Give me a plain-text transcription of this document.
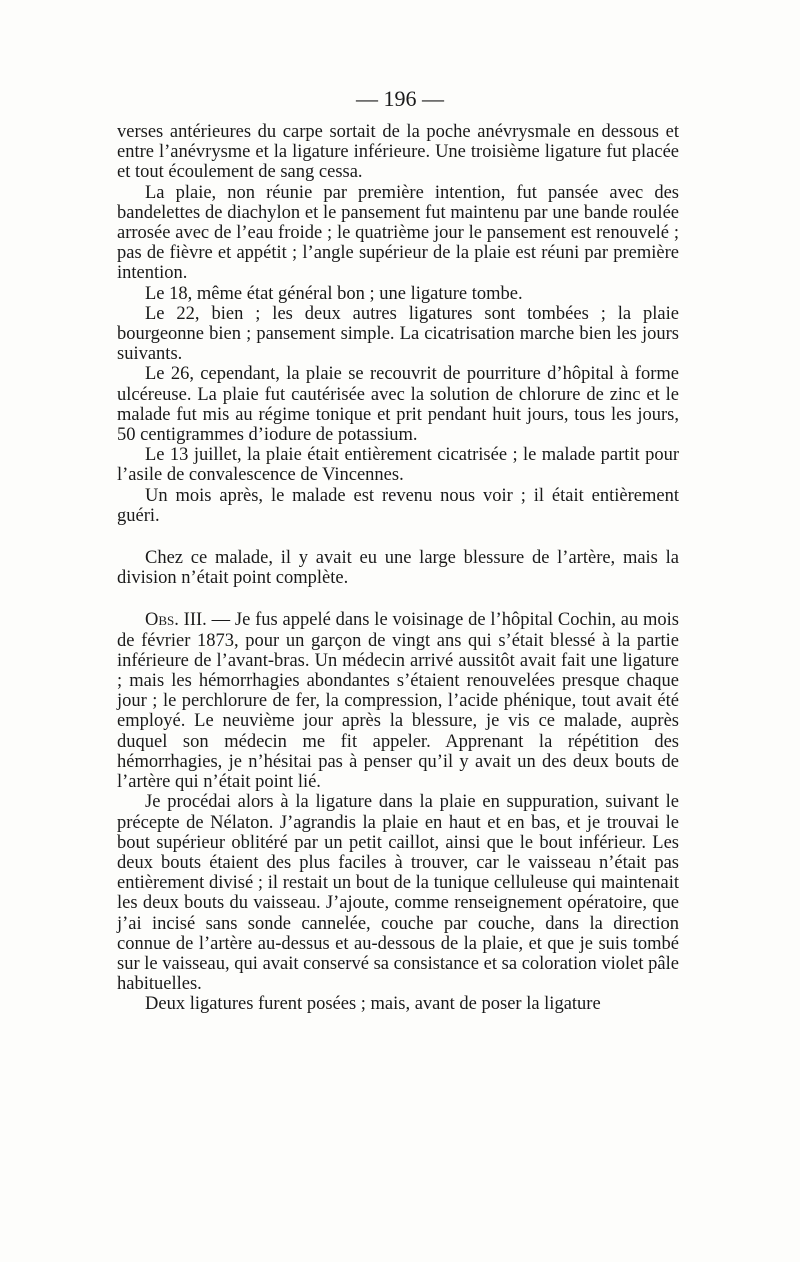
— 196 —

verses antérieures du carpe sortait de la poche anévrysmale en dessous et entre l’anévrysme et la ligature inférieure. Une troisième ligature fut placée et tout écoulement de sang cessa.

La plaie, non réunie par première intention, fut pansée avec des bandelettes de diachylon et le pansement fut maintenu par une bande roulée arrosée avec de l’eau froide ; le quatrième jour le pansement est renouvelé ; pas de fièvre et appétit ; l’angle supérieur de la plaie est réuni par première intention.

Le 18, même état général bon ; une ligature tombe.

Le 22, bien ; les deux autres ligatures sont tombées ; la plaie bourgeonne bien ; pansement simple. La cicatrisation marche bien les jours suivants.

Le 26, cependant, la plaie se recouvrit de pourriture d’hôpital à forme ulcéreuse. La plaie fut cautérisée avec la solution de chlorure de zinc et le malade fut mis au régime tonique et prit pendant huit jours, tous les jours, 50 centigrammes d’iodure de potassium.

Le 13 juillet, la plaie était entièrement cicatrisée ; le malade partit pour l’asile de convalescence de Vincennes.

Un mois après, le malade est revenu nous voir ; il était entièrement guéri.

Chez ce malade, il y avait eu une large blessure de l’artère, mais la division n’était point complète.

Obs. III. — Je fus appelé dans le voisinage de l’hôpital Cochin, au mois de février 1873, pour un garçon de vingt ans qui s’était blessé à la partie inférieure de l’avant-bras. Un médecin arrivé aussitôt avait fait une ligature ; mais les hémorrhagies abondantes s’étaient renouvelées presque chaque jour ; le perchlorure de fer, la compression, l’acide phénique, tout avait été employé. Le neuvième jour après la blessure, je vis ce malade, auprès duquel son médecin me fit appeler. Apprenant la répétition des hémorrhagies, je n’hésitai pas à penser qu’il y avait un des deux bouts de l’artère qui n’était point lié.

Je procédai alors à la ligature dans la plaie en suppuration, suivant le précepte de Nélaton. J’agrandis la plaie en haut et en bas, et je trouvai le bout supérieur oblitéré par un petit caillot, ainsi que le bout inférieur. Les deux bouts étaient des plus faciles à trouver, car le vaisseau n’était pas entièrement divisé ; il restait un bout de la tunique celluleuse qui maintenait les deux bouts du vaisseau. J’ajoute, comme renseignement opératoire, que j’ai incisé sans sonde cannelée, couche par couche, dans la direction connue de l’artère au-dessus et au-dessous de la plaie, et que je suis tombé sur le vaisseau, qui avait conservé sa consistance et sa coloration violet pâle habituelles.

Deux ligatures furent posées ; mais, avant de poser la ligature
